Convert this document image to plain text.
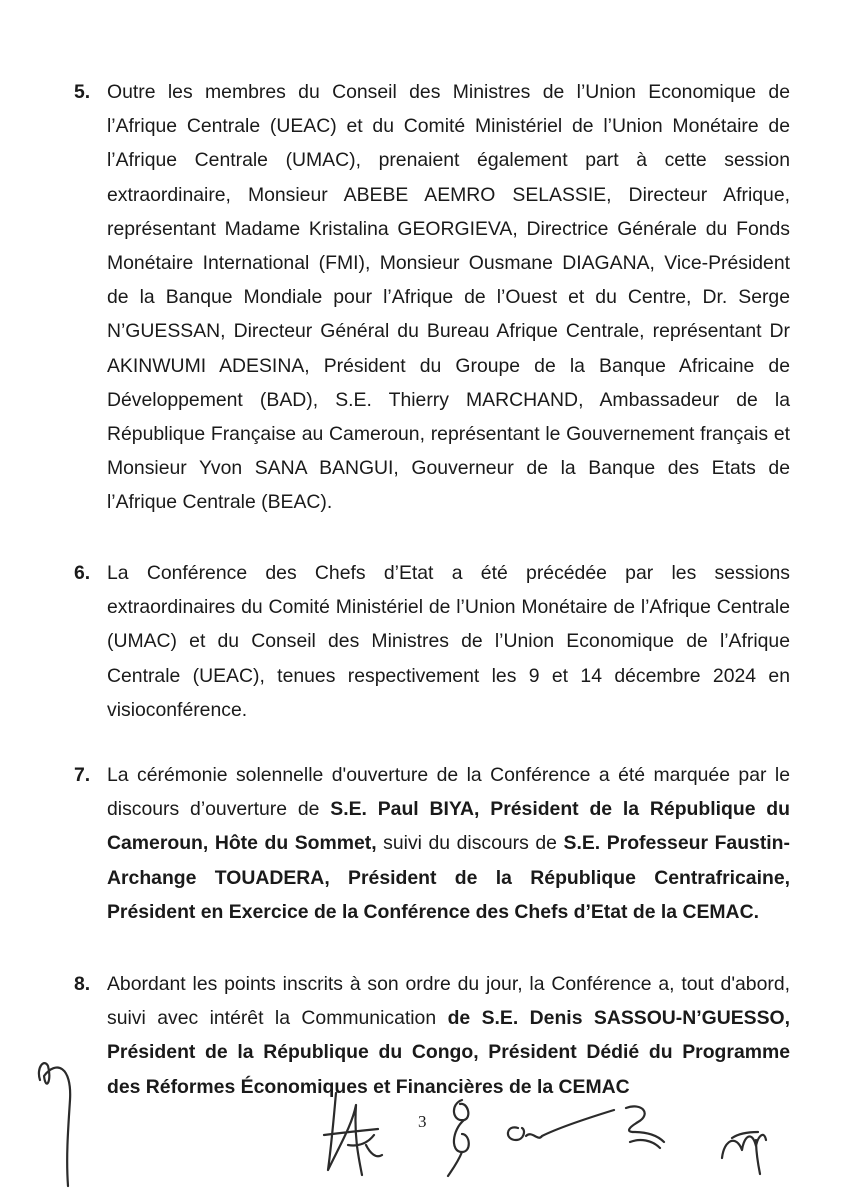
5. Outre les membres du Conseil des Ministres de l’Union Economique de l’Afrique Centrale (UEAC) et du Comité Ministériel de l’Union Monétaire de l’Afrique Centrale (UMAC), prenaient également part à cette session extraordinaire, Monsieur ABEBE AEMRO SELASSIE, Directeur Afrique, représentant Madame Kristalina GEORGIEVA, Directrice Générale du Fonds Monétaire International (FMI), Monsieur Ousmane DIAGANA, Vice-Président de la Banque Mondiale pour l’Afrique de l’Ouest et du Centre, Dr. Serge N’GUESSAN, Directeur Général du Bureau Afrique Centrale, représentant Dr AKINWUMI ADESINA, Président du Groupe de la Banque Africaine de Développement (BAD), S.E. Thierry MARCHAND, Ambassadeur de la République Française au Cameroun, représentant le Gouvernement français et Monsieur Yvon SANA BANGUI, Gouverneur de la Banque des Etats de l’Afrique Centrale (BEAC).
6. La Conférence des Chefs d’Etat a été précédée par les sessions extraordinaires du Comité Ministériel de l’Union Monétaire de l’Afrique Centrale (UMAC) et du Conseil des Ministres de l’Union Economique de l’Afrique Centrale (UEAC), tenues respectivement les 9 et 14 décembre 2024 en visioconférence.
7. La cérémonie solennelle d'ouverture de la Conférence a été marquée par le discours d’ouverture de S.E. Paul BIYA, Président de la République du Cameroun, Hôte du Sommet, suivi du discours de S.E. Professeur Faustin-Archange TOUADERA, Président de la République Centrafricaine, Président en Exercice de la Conférence des Chefs d’Etat de la CEMAC.
8. Abordant les points inscrits à son ordre du jour, la Conférence a, tout d'abord, suivi avec intérêt la Communication de S.E. Denis SASSOU-N’GUESSO, Président de la République du Congo, Président Dédié du Programme des Réformes Économiques et Financières de la CEMAC
3
